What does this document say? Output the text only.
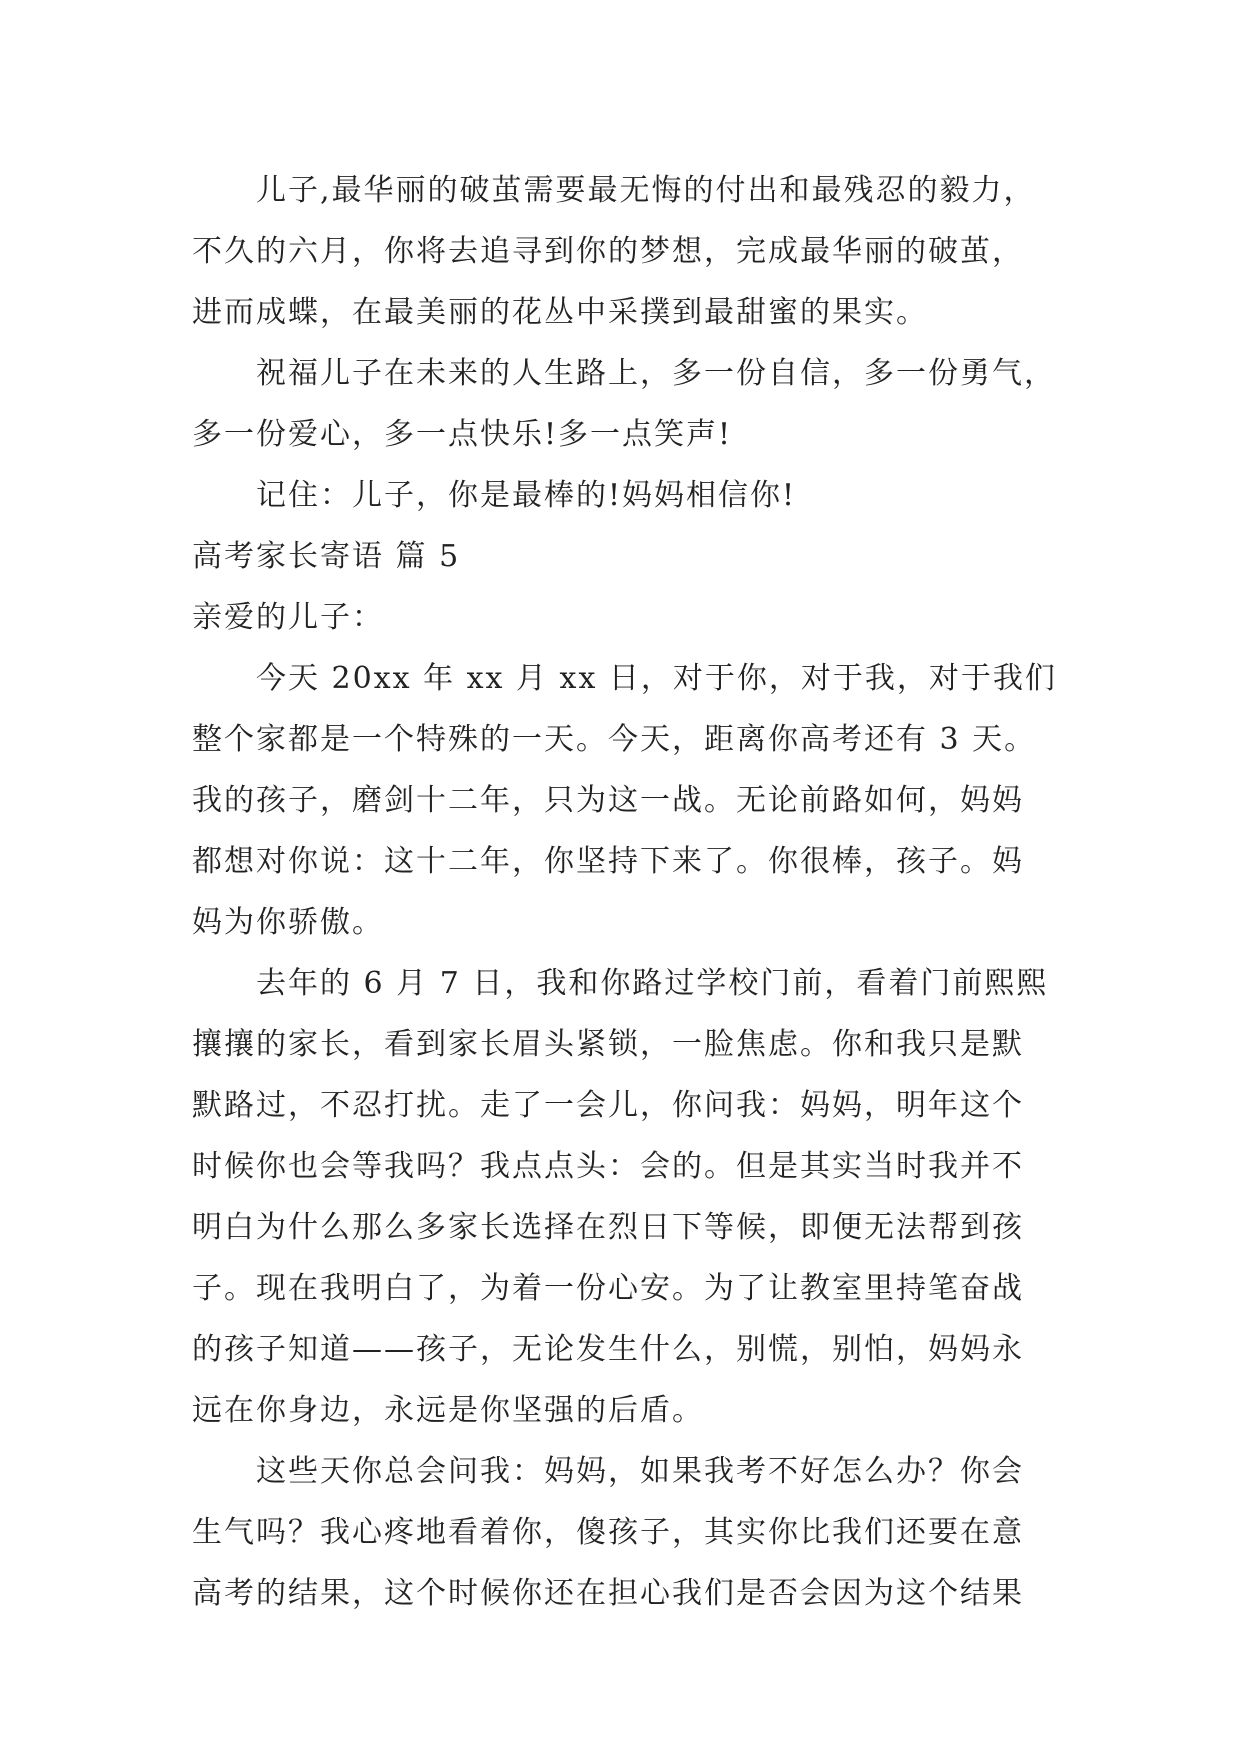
儿子,最华丽的破茧需要最无悔的付出和最残忍的毅力，
不久的六月，你将去追寻到你的梦想，完成最华丽的破茧，
进而成蝶，在最美丽的花丛中采撲到最甜蜜的果实。
祝福儿子在未来的人生路上，多一份自信，多一份勇气，
多一份爱心，多一点快乐!多一点笑声!
记住：儿子，你是最棒的!妈妈相信你!
高考家长寄语 篇 5
亲爱的儿子：
今天 20xx 年 xx 月 xx 日，对于你，对于我，对于我们
整个家都是一个特殊的一天。今天，距离你高考还有 3 天。
我的孩子，磨剑十二年，只为这一战。无论前路如何，妈妈
都想对你说：这十二年，你坚持下来了。你很棒，孩子。妈
妈为你骄傲。
去年的 6 月 7 日，我和你路过学校门前，看着门前熙熙
攘攘的家长，看到家长眉头紧锁，一脸焦虑。你和我只是默
默路过，不忍打扰。走了一会儿，你问我：妈妈，明年这个
时候你也会等我吗？我点点头：会的。但是其实当时我并不
明白为什么那么多家长选择在烈日下等候，即便无法帮到孩
子。现在我明白了，为着一份心安。为了让教室里持笔奋战
的孩子知道——孩子，无论发生什么，别慌，别怕，妈妈永
远在你身边，永远是你坚强的后盾。
这些天你总会问我：妈妈，如果我考不好怎么办？你会
生气吗？我心疼地看着你，傻孩子，其实你比我们还要在意
高考的结果，这个时候你还在担心我们是否会因为这个结果
